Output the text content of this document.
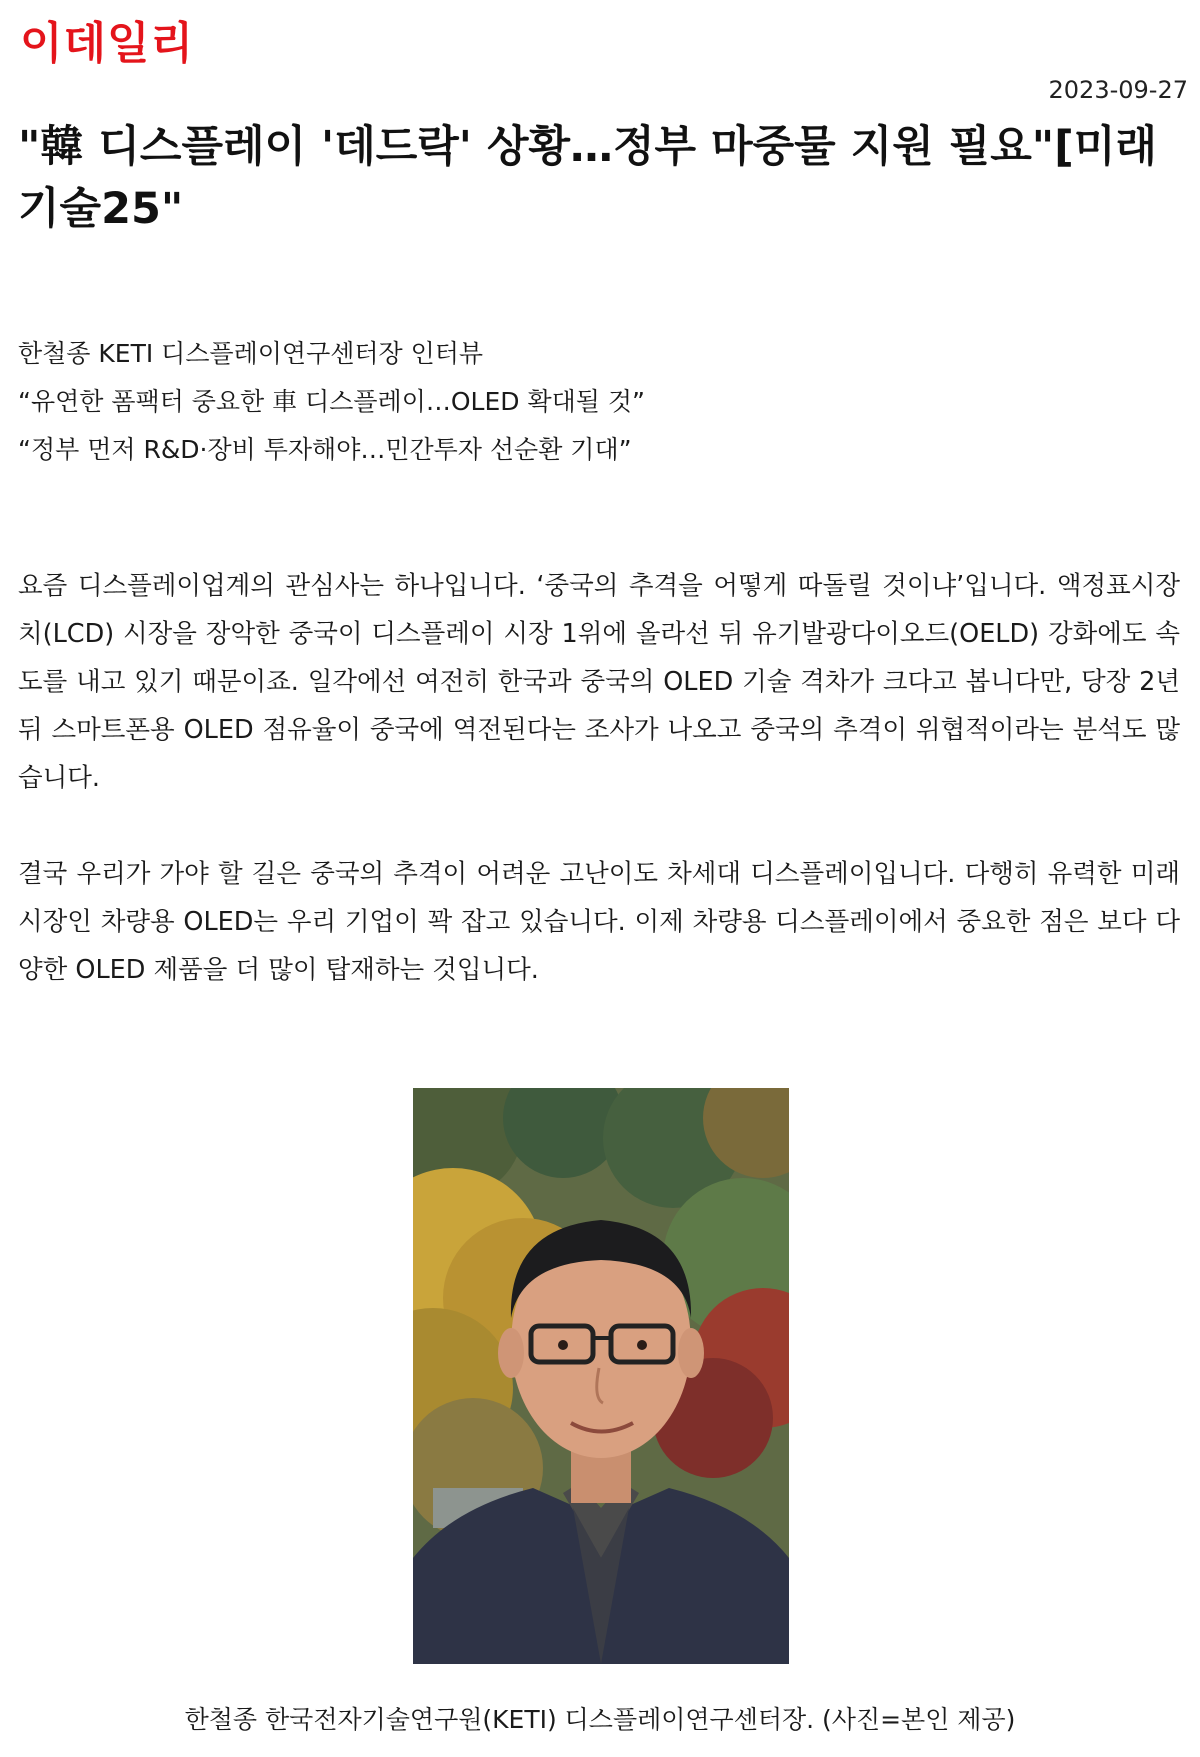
이데일리
2023-09-27
"韓 디스플레이 '데드락' 상황…정부 마중물 지원 필요"[미래기술25"
한철종 KETI 디스플레이연구센터장 인터뷰
“유연한 폼팩터 중요한 車 디스플레이…OLED 확대될 것”
“정부 먼저 R&D·장비 투자해야…민간투자 선순환 기대”

요즘 디스플레이업계의 관심사는 하나입니다. ‘중국의 추격을 어떻게 따돌릴 것이냐’입니다. 액정표시장치(LCD) 시장을 장악한 중국이 디스플레이 시장 1위에 올라선 뒤 유기발광다이오드(OELD) 강화에도 속도를 내고 있기 때문이죠. 일각에선 여전히 한국과 중국의 OLED 기술 격차가 크다고 봅니다만, 당장 2년 뒤 스마트폰용 OLED 점유율이 중국에 역전된다는 조사가 나오고 중국의 추격이 위협적이라는 분석도 많습니다.

결국 우리가 가야 할 길은 중국의 추격이 어려운 고난이도 차세대 디스플레이입니다. 다행히 유력한 미래 시장인 차량용 OLED는 우리 기업이 꽉 잡고 있습니다. 이제 차량용 디스플레이에서 중요한 점은 보다 다양한 OLED 제품을 더 많이 탑재하는 것입니다.

한철종 한국전자기술연구원(KETI) 디스플레이연구센터장. (사진=본인 제공)
